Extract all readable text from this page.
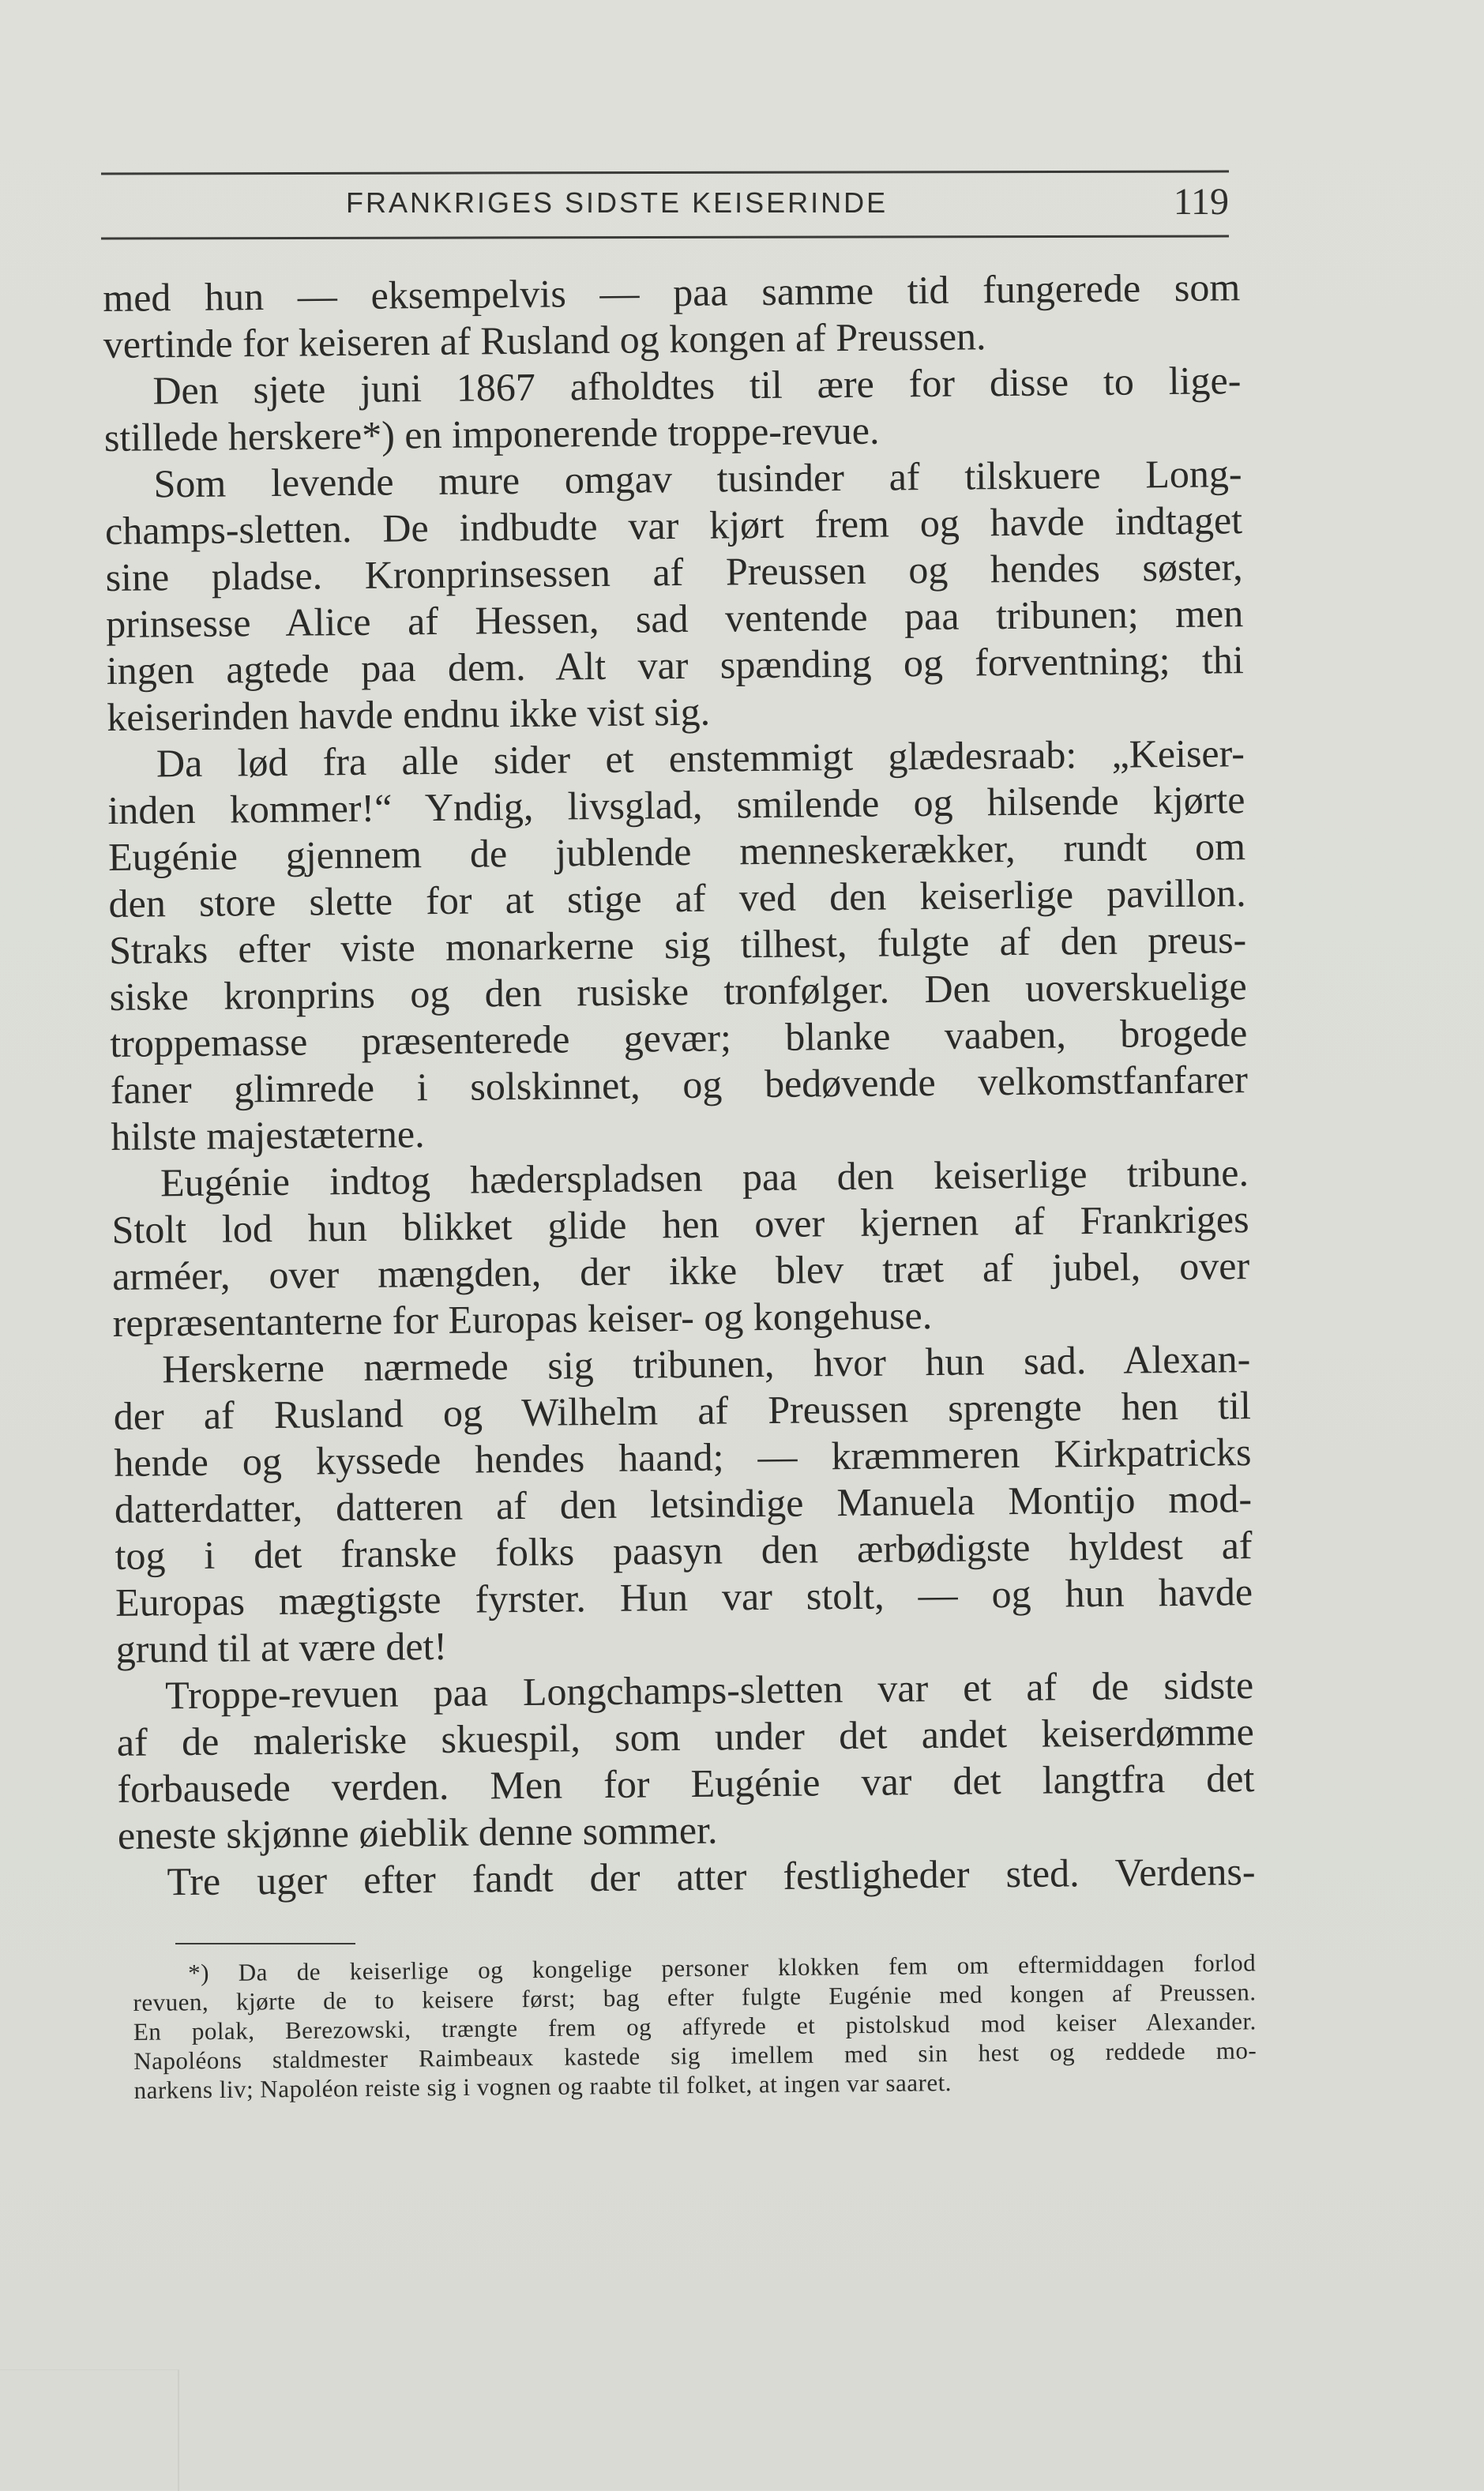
FRANKRIGES SIDSTE KEISERINDE	119
med hun — eksempelvis — paa samme tid fungerede som
vertinde for keiseren af Rusland og kongen af Preussen.
Den sjete juni 1867 afholdtes til ære for disse to lige-
stillede herskere*) en imponerende troppe-revue.
Som levende mure omgav tusinder af tilskuere Long-
champs-sletten. De indbudte var kjørt frem og havde indtaget
sine pladse. Kronprinsessen af Preussen og hendes søster,
prinsesse Alice af Hessen, sad ventende paa tribunen; men
ingen agtede paa dem. Alt var spænding og forventning; thi
keiserinden havde endnu ikke vist sig.
Da lød fra alle sider et enstemmigt glædesraab: „Keiser-
inden kommer!“ Yndig, livsglad, smilende og hilsende kjørte
Eugénie gjennem de jublende menneskerækker, rundt om
den store slette for at stige af ved den keiserlige pavillon.
Straks efter viste monarkerne sig tilhest, fulgte af den preus-
siske kronprins og den rusiske tronfølger. Den uoverskuelige
troppemasse præsenterede gevær; blanke vaaben, brogede
faner glimrede i solskinnet, og bedøvende velkomstfanfarer
hilste majestæterne.
Eugénie indtog hæderspladsen paa den keiserlige tribune.
Stolt lod hun blikket glide hen over kjernen af Frankriges
arméer, over mængden, der ikke blev træt af jubel, over
repræsentanterne for Europas keiser- og kongehuse.
Herskerne nærmede sig tribunen, hvor hun sad. Alexan-
der af Rusland og Wilhelm af Preussen sprengte hen til
hende og kyssede hendes haand; — kræmmeren Kirkpatricks
datterdatter, datteren af den letsindige Manuela Montijo mod-
tog i det franske folks paasyn den ærbødigste hyldest af
Europas mægtigste fyrster. Hun var stolt, — og hun havde
grund til at være det!
Troppe-revuen paa Longchamps-sletten var et af de sidste
af de maleriske skuespil, som under det andet keiserdømme
forbausede verden. Men for Eugénie var det langtfra det
eneste skjønne øieblik denne sommer.
Tre uger efter fandt der atter festligheder sted. Verdens-
*) Da de keiserlige og kongelige personer klokken fem om eftermiddagen forlod
revuen, kjørte de to keisere først; bag efter fulgte Eugénie med kongen af Preussen.
En polak, Berezowski, trængte frem og affyrede et pistolskud mod keiser Alexander.
Napoléons staldmester Raimbeaux kastede sig imellem med sin hest og reddede mo-
narkens liv; Napoléon reiste sig i vognen og raabte til folket, at ingen var saaret.
